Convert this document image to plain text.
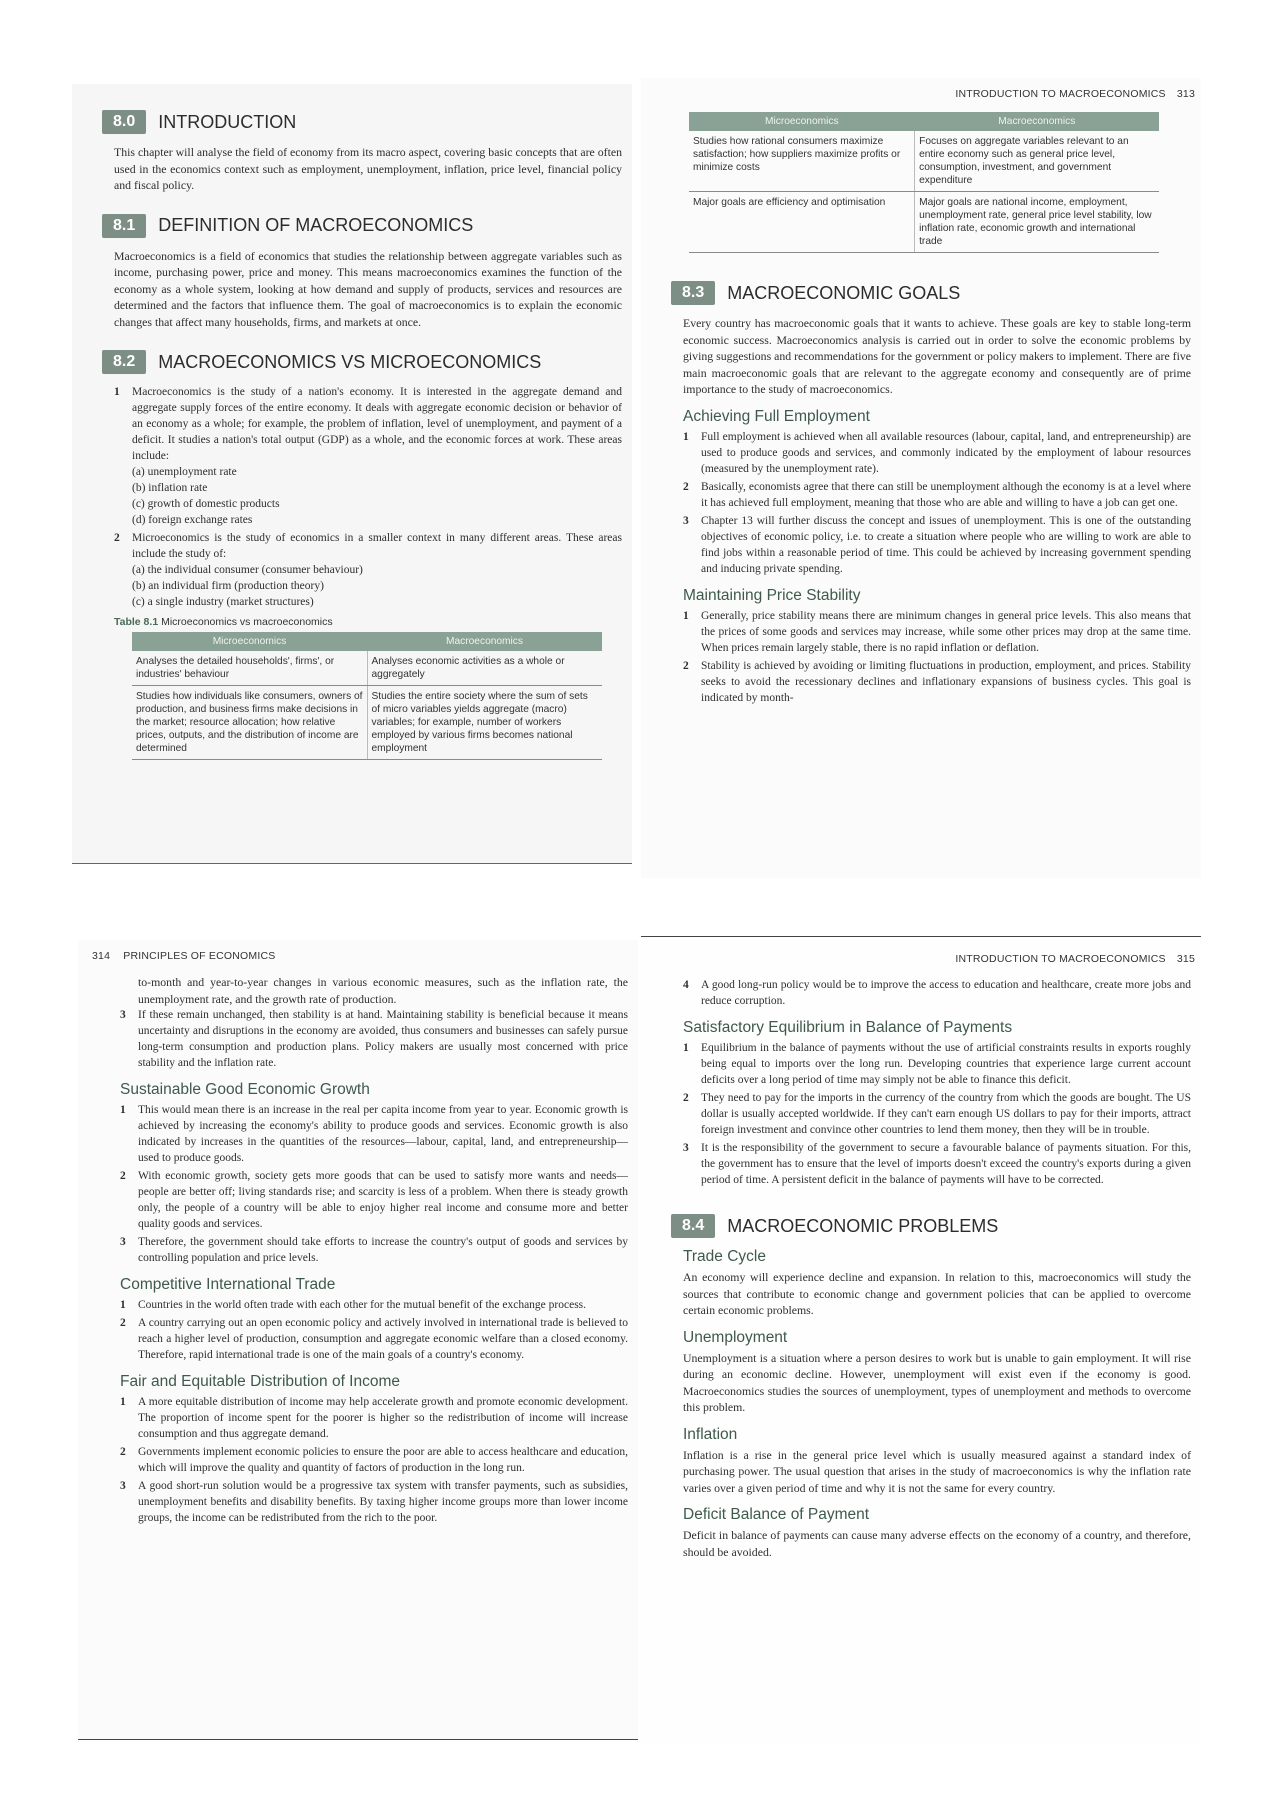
8.0	INTRODUCTION

This chapter will analyse the field of economy from its macro aspect, covering basic concepts that are often used in the economics context such as employment, unemployment, inflation, price level, financial policy and fiscal policy.

8.1	DEFINITION OF MACROECONOMICS

Macroeconomics is a field of economics that studies the relationship between aggregate variables such as income, purchasing power, price and money. This means macroeconomics examines the function of the economy as a whole system, looking at how demand and supply of products, services and resources are determined and the factors that influence them. The goal of macroeconomics is to explain the economic changes that affect many households, firms, and markets at once.

8.2	MACROECONOMICS VS MICROECONOMICS
1 Macroeconomics is the study of a nation's economy. It is interested in the aggregate demand and aggregate supply forces of the entire economy. It deals with aggregate economic decision or behavior of an economy as a whole; for example, the problem of inflation, level of unemployment, and payment of a deficit. It studies a nation's total output (GDP) as a whole, and the economic forces at work. These areas include:
(a) unemployment rate
(b) inflation rate
(c) growth of domestic products
(d) foreign exchange rates
2 Microeconomics is the study of economics in a smaller context in many different areas. These areas include the study of:
(a) the individual consumer (consumer behaviour)
(b) an individual firm (production theory)
(c) a single industry (market structures)
Table 8.1 Microeconomics vs macroeconomics
Microeconomics	Macroeconomics
Analyses the detailed households', firms', or industries' behaviour	Analyses economic activities as a whole or aggregately
Studies how individuals like consumers, owners of production, and business firms make decisions in the market; resource allocation; how relative prices, outputs, and the distribution of income are determined	Studies the entire society where the sum of sets of micro variables yields aggregate (macro) variables; for example, number of workers employed by various firms becomes national employment
INTRODUCTION TO MACROECONOMICS 313
Microeconomics	Macroeconomics
Studies how rational consumers maximize satisfaction; how suppliers maximize profits or minimize costs	Focuses on aggregate variables relevant to an entire economy such as general price level, consumption, investment, and government expenditure
Major goals are efficiency and optimisation	Major goals are national income, employment, unemployment rate, general price level stability, low inflation rate, economic growth and international trade
8.3	MACROECONOMIC GOALS

Every country has macroeconomic goals that it wants to achieve. These goals are key to stable long-term economic success. Macroeconomics analysis is carried out in order to solve the economic problems by giving suggestions and recommendations for the government or policy makers to implement. There are five main macroeconomic goals that are relevant to the aggregate economy and consequently are of prime importance to the study of macroeconomics.

Achieving Full Employment
1 Full employment is achieved when all available resources (labour, capital, land, and entrepreneurship) are used to produce goods and services, and commonly indicated by the employment of labour resources (measured by the unemployment rate).
2 Basically, economists agree that there can still be unemployment although the economy is at a level where it has achieved full employment, meaning that those who are able and willing to have a job can get one.
3 Chapter 13 will further discuss the concept and issues of unemployment. This is one of the outstanding objectives of economic policy, i.e. to create a situation where people who are willing to work are able to find jobs within a reasonable period of time. This could be achieved by increasing government spending and inducing private spending.
Maintaining Price Stability
1 Generally, price stability means there are minimum changes in general price levels. This also means that the prices of some goods and services may increase, while some other prices may drop at the same time. When prices remain largely stable, there is no rapid inflation or deflation.
2 Stability is achieved by avoiding or limiting fluctuations in production, employment, and prices. Stability seeks to avoid the recessionary declines and inflationary expansions of business cycles. This goal is indicated by month-
314 PRINCIPLES OF ECONOMICS

to-month and year-to-year changes in various economic measures, such as the inflation rate, the unemployment rate, and the growth rate of production.

3 If these remain unchanged, then stability is at hand. Maintaining stability is beneficial because it means uncertainty and disruptions in the economy are avoided, thus consumers and businesses can safely pursue long-term consumption and production plans. Policy makers are usually most concerned with price stability and the inflation rate.
Sustainable Good Economic Growth
1 This would mean there is an increase in the real per capita income from year to year. Economic growth is achieved by increasing the economy's ability to produce goods and services. Economic growth is also indicated by increases in the quantities of the resources—labour, capital, land, and entrepreneurship—used to produce goods.
2 With economic growth, society gets more goods that can be used to satisfy more wants and needs—people are better off; living standards rise; and scarcity is less of a problem. When there is steady growth only, the people of a country will be able to enjoy higher real income and consume more and better quality goods and services.
3 Therefore, the government should take efforts to increase the country's output of goods and services by controlling population and price levels.
Competitive International Trade
1 Countries in the world often trade with each other for the mutual benefit of the exchange process.
2 A country carrying out an open economic policy and actively involved in international trade is believed to reach a higher level of production, consumption and aggregate economic welfare than a closed economy. Therefore, rapid international trade is one of the main goals of a country's economy.
Fair and Equitable Distribution of Income
1 A more equitable distribution of income may help accelerate growth and promote economic development. The proportion of income spent for the poorer is higher so the redistribution of income will increase consumption and thus aggregate demand.
2 Governments implement economic policies to ensure the poor are able to access healthcare and education, which will improve the quality and quantity of factors of production in the long run.
3 A good short-run solution would be a progressive tax system with transfer payments, such as subsidies, unemployment benefits and disability benefits. By taxing higher income groups more than lower income groups, the income can be redistributed from the rich to the poor.
INTRODUCTION TO MACROECONOMICS 315
4 A good long-run policy would be to improve the access to education and healthcare, create more jobs and reduce corruption.
Satisfactory Equilibrium in Balance of Payments
1 Equilibrium in the balance of payments without the use of artificial constraints results in exports roughly being equal to imports over the long run. Developing countries that experience large current account deficits over a long period of time may simply not be able to finance this deficit.
2 They need to pay for the imports in the currency of the country from which the goods are bought. The US dollar is usually accepted worldwide. If they can't earn enough US dollars to pay for their imports, attract foreign investment and convince other countries to lend them money, then they will be in trouble.
3 It is the responsibility of the government to secure a favourable balance of payments situation. For this, the government has to ensure that the level of imports doesn't exceed the country's exports during a given period of time. A persistent deficit in the balance of payments will have to be corrected.
8.4	MACROECONOMIC PROBLEMS
Trade Cycle

An economy will experience decline and expansion. In relation to this, macroeconomics will study the sources that contribute to economic change and government policies that can be applied to overcome certain economic problems.

Unemployment

Unemployment is a situation where a person desires to work but is unable to gain employment. It will rise during an economic decline. However, unemployment will exist even if the economy is good. Macroeconomics studies the sources of unemployment, types of unemployment and methods to overcome this problem.

Inflation

Inflation is a rise in the general price level which is usually measured against a standard index of purchasing power. The usual question that arises in the study of macroeconomics is why the inflation rate varies over a given period of time and why it is not the same for every country.

Deficit Balance of Payment

Deficit in balance of payments can cause many adverse effects on the economy of a country, and therefore, should be avoided.
